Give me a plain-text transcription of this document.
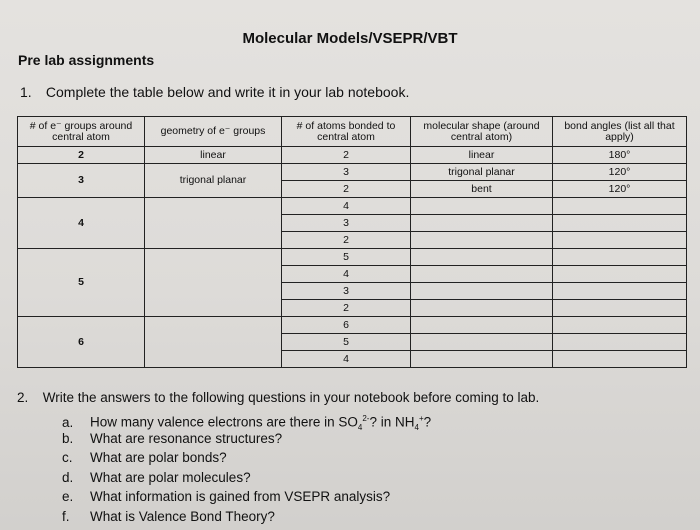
Molecular Models/VSEPR/VBT
Pre lab assignments
1. Complete the table below and write it in your lab notebook.
# of e⁻ groups around central atom	geometry of e⁻ groups	# of atoms bonded to central atom	molecular shape (around central atom)	bond angles (list all that apply)
2	linear	2	linear	180°
3	trigonal planar	3	trigonal planar	120°
		2	bent	120°
4		4		
		3		
		2		
5		5		
		4		
		3		
		2		
6		6		
		5		
		4		
2. Write the answers to the following questions in your notebook before coming to lab.
a. How many valence electrons are there in $SO_4^{2-}$? in $NH_4^+$?
b. What are resonance structures?
c. What are polar bonds?
d. What are polar molecules?
e. What information is gained from VSEPR analysis?
f. What is Valence Bond Theory?
